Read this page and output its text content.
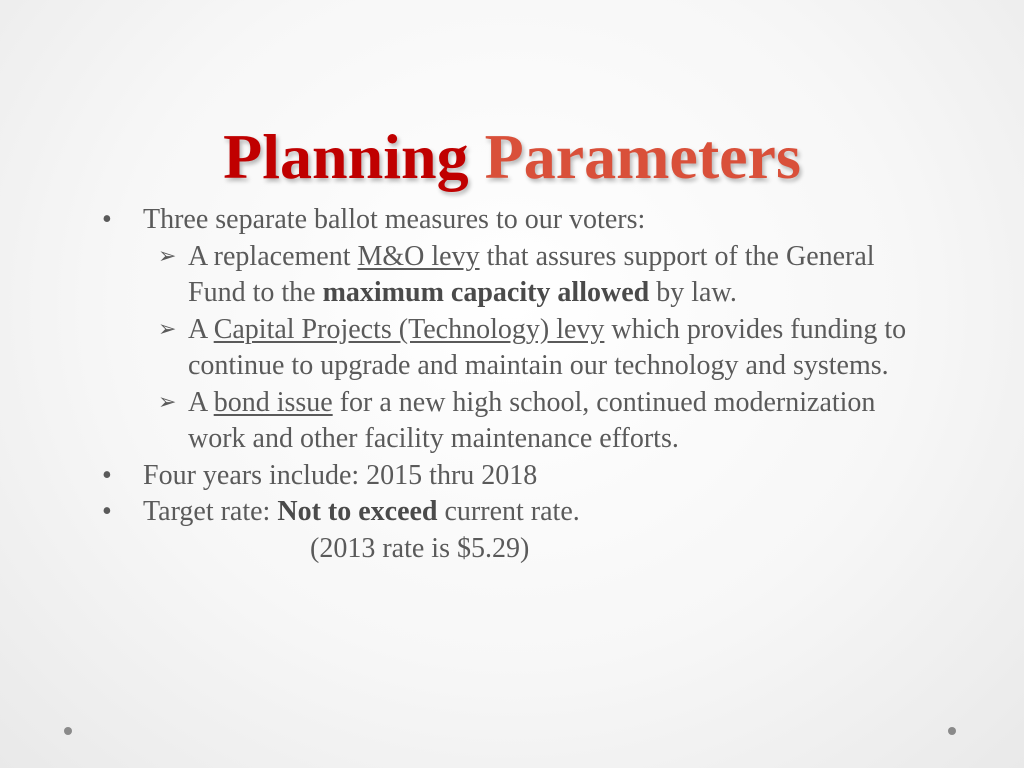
Planning Parameters
• Three separate ballot measures to our voters:
➢ A replacement M&O levy that assures support of the General Fund to the maximum capacity allowed by law.
➢ A Capital Projects (Technology) levy which provides funding to continue to upgrade and maintain our technology and systems.
➢ A bond issue for a new high school, continued modernization work and other facility maintenance efforts.
• Four years include: 2015 thru 2018
• Target rate: Not to exceed current rate.
(2013 rate is $5.29)
